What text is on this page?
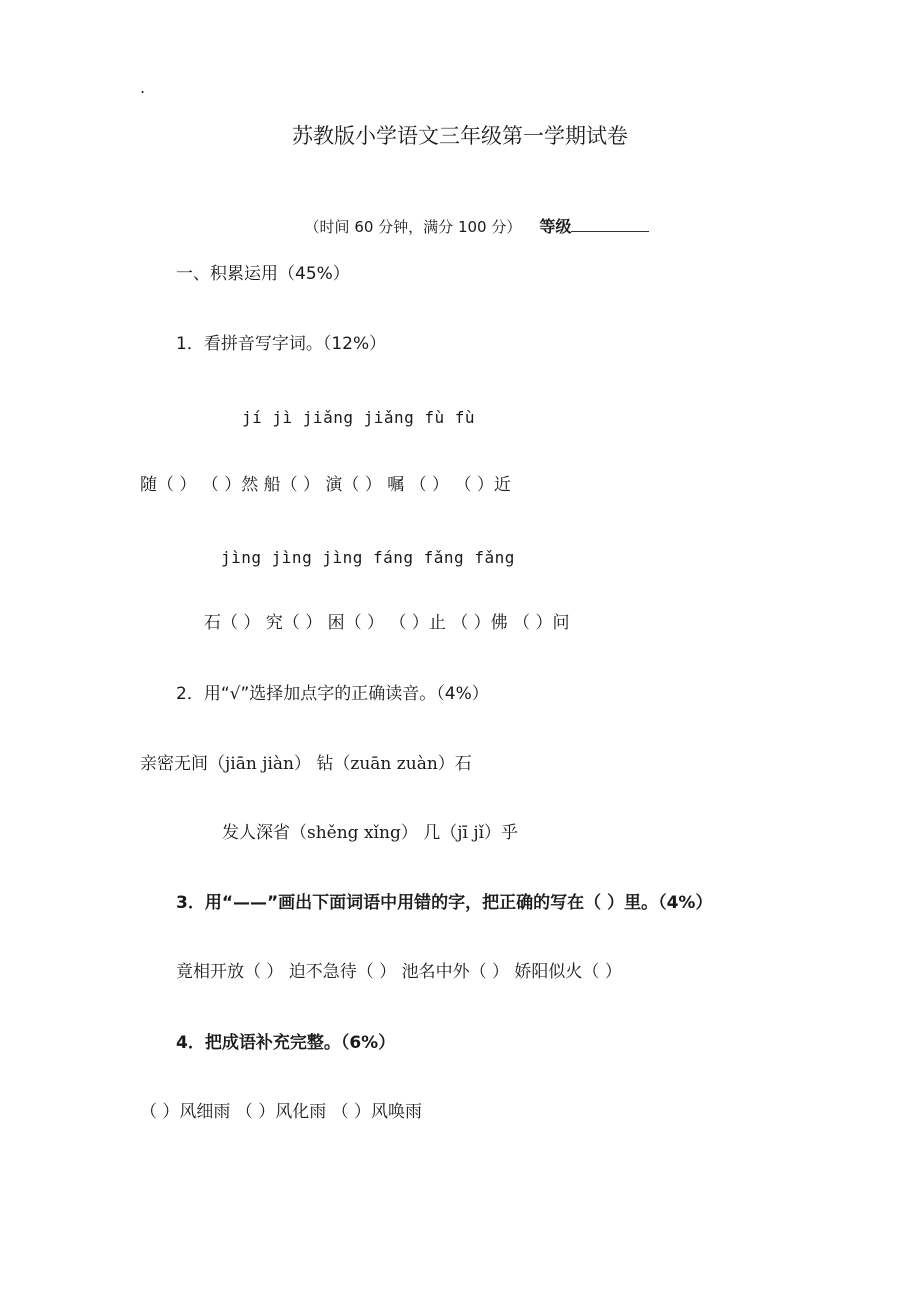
.
苏教版小学语文三年级第一学期试卷

（时间 60 分钟，满分 100 分） 等级

一、积累运用（45%）
1．看拼音写字词。（12%）
jí jì jiǎng jiǎng fù fù
随（ ） （ ）然 船（ ） 演（ ） 嘱 （ ） （ ）近
jìng jìng jìng fáng fǎng fǎng
石（ ） 究（ ） 困（ ） （ ）止 （ ）佛 （ ）问
2．用“√”选择加点字的正确读音。（4%）
亲密无间（jiān jiàn） 钻（zuān zuàn）石
发人深省（shěng xǐng） 几（jī jǐ）乎
3．用“——”画出下面词语中用错的字，把正确的写在（ ）里。（4%）
竟相开放（ ） 迫不急待（ ） 池名中外（ ） 娇阳似火（ ）
4．把成语补充完整。（6%）
（ ）风细雨 （ ）风化雨 （ ）风唤雨
